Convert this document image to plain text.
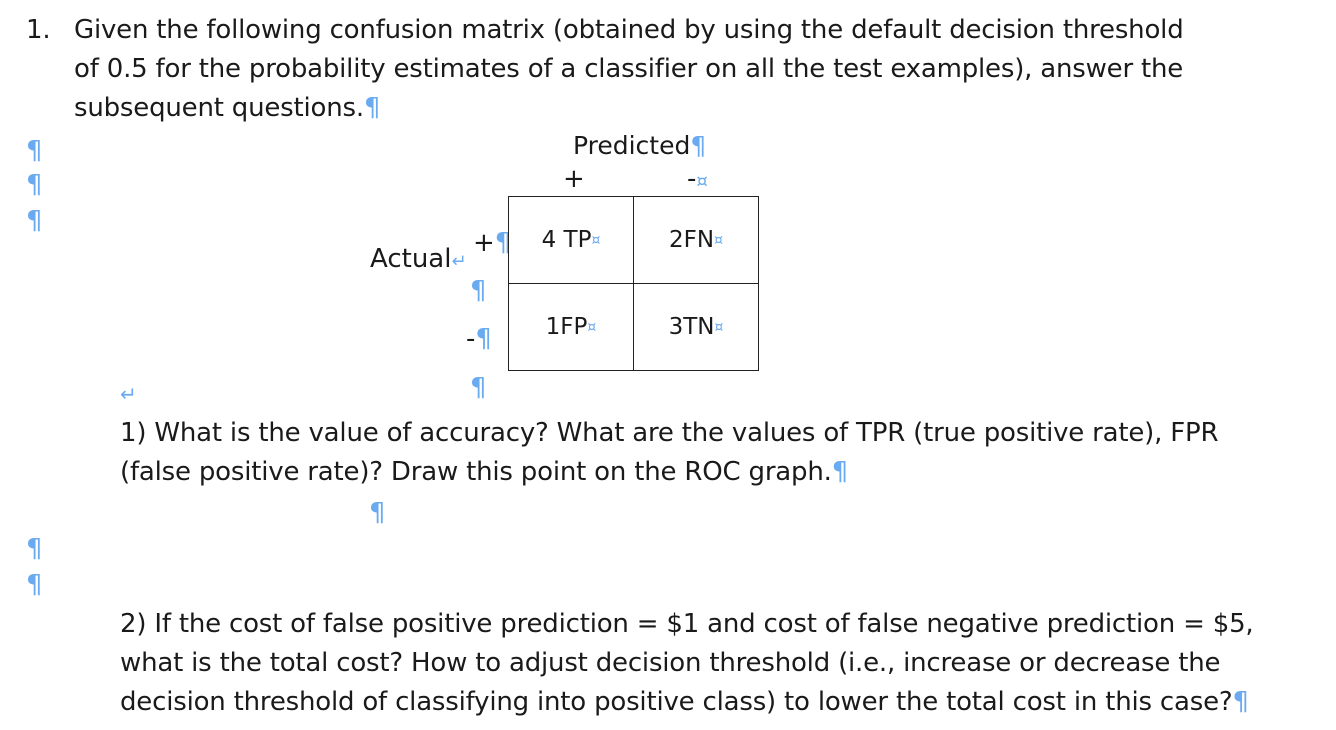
1. Given the following confusion matrix (obtained by using the default decision threshold
of 0.5 for the probability estimates of a classifier on all the test examples), answer the
subsequent questions.¶
¶
¶
¶
Predicted¶
+	-¤
Actual↵
+¶
¶
-¶
4 TP¤	2FN¤
1FP¤	3TN¤
↵	¶
1) What is the value of accuracy? What are the values of TPR (true positive rate), FPR
(false positive rate)? Draw this point on the ROC graph.¶
¶
¶
¶
2) If the cost of false positive prediction = $1 and cost of false negative prediction = $5,
what is the total cost? How to adjust decision threshold (i.e., increase or decrease the
decision threshold of classifying into positive class) to lower the total cost in this case?¶
